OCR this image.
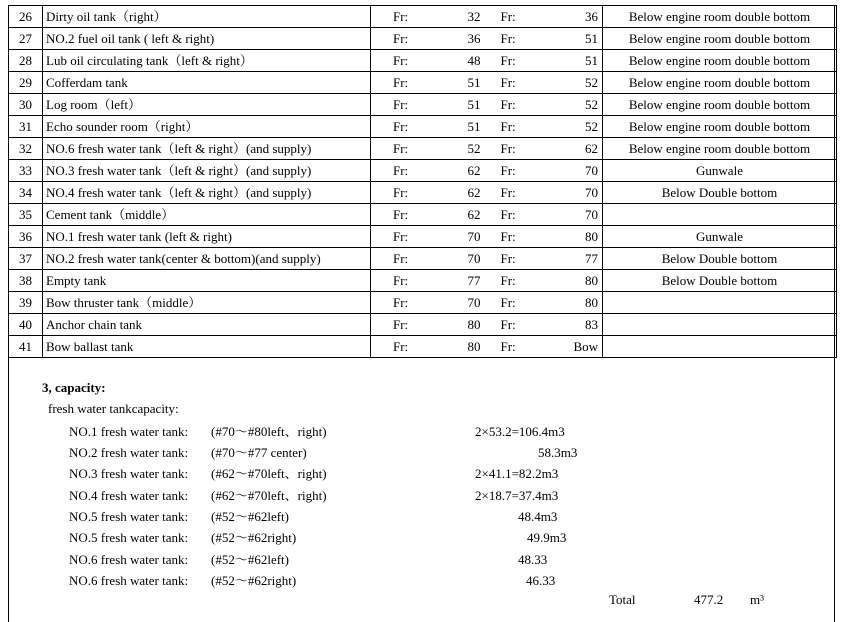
26	Dirty oil tank（right）	Fr:	32	Fr:	36	Below engine room double bottom
27	NO.2 fuel oil tank ( left & right)	Fr:	36	Fr:	51	Below engine room double bottom
28	Lub oil circulating tank（left & right）	Fr:	48	Fr:	51	Below engine room double bottom
29	Cofferdam tank	Fr:	51	Fr:	52	Below engine room double bottom
30	Log room（left）	Fr:	51	Fr:	52	Below engine room double bottom
31	Echo sounder room（right）	Fr:	51	Fr:	52	Below engine room double bottom
32	NO.6 fresh water tank（left & right）(and supply)	Fr:	52	Fr:	62	Below engine room double bottom
33	NO.3 fresh water tank（left & right）(and supply)	Fr:	62	Fr:	70	Gunwale
34	NO.4 fresh water tank（left & right）(and supply)	Fr:	62	Fr:	70	Below Double bottom
35	Cement tank（middle）	Fr:	62	Fr:	70	
36	NO.1 fresh water tank (left & right)	Fr:	70	Fr:	80	Gunwale
37	NO.2 fresh water tank(center & bottom)(and supply)	Fr:	70	Fr:	77	Below Double bottom
38	Empty tank	Fr:	77	Fr:	80	Below Double bottom
39	Bow thruster tank（middle）	Fr:	70	Fr:	80	
40	Anchor chain tank	Fr:	80	Fr:	83	
41	Bow ballast tank	Fr:	80	Fr:	Bow	
3, capacity:
fresh water tankcapacity:
NO.1 fresh water tank: (#70～#80left、right)	2×53.2=106.4m3
NO.2 fresh water tank: (#70～#77 center)	58.3m3
NO.3 fresh water tank: (#62～#70left、right)	2×41.1=82.2m3
NO.4 fresh water tank: (#62～#70left、right)	2×18.7=37.4m3
NO.5 fresh water tank: (#52～#62left)	48.4m3
NO.5 fresh water tank: (#52～#62right)	49.9m3
NO.6 fresh water tank: (#52～#62left)	48.33
NO.6 fresh water tank: (#52～#62right)	46.33
Total	477.2 m³
